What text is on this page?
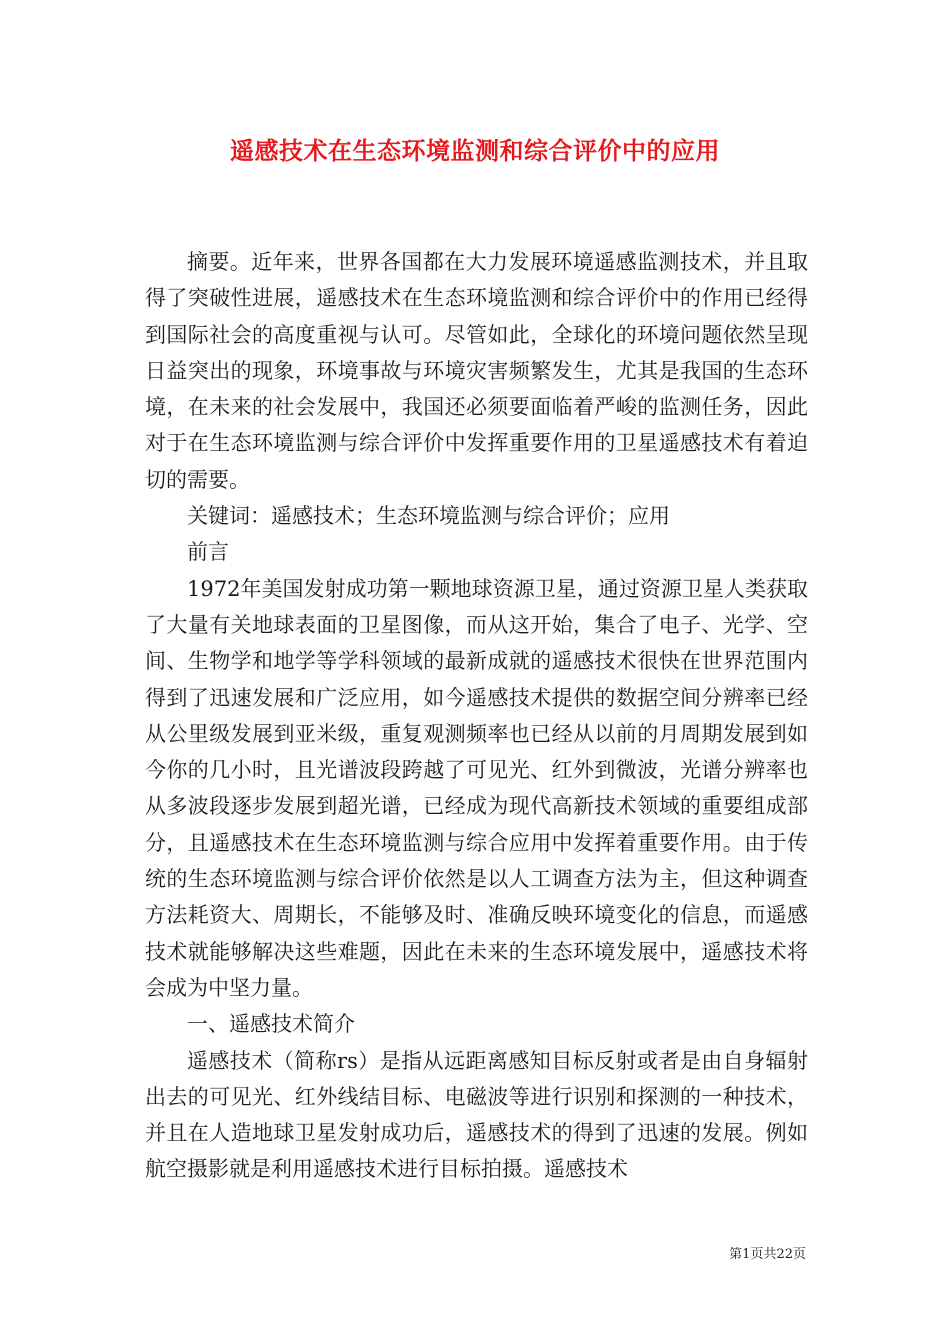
遥感技术在生态环境监测和综合评价中的应用

摘要。近年来，世界各国都在大力发展环境遥感监测技术，并且取得了突破性进展，遥感技术在生态环境监测和综合评价中的作用已经得到国际社会的高度重视与认可。尽管如此，全球化的环境问题依然呈现日益突出的现象，环境事故与环境灾害频繁发生，尤其是我国的生态环境，在未来的社会发展中，我国还必须要面临着严峻的监测任务，因此对于在生态环境监测与综合评价中发挥重要作用的卫星遥感技术有着迫切的需要。

关键词：遥感技术；生态环境监测与综合评价；应用

前言

1972年美国发射成功第一颗地球资源卫星，通过资源卫星人类获取了大量有关地球表面的卫星图像，而从这开始，集合了电子、光学、空间、生物学和地学等学科领域的最新成就的遥感技术很快在世界范围内得到了迅速发展和广泛应用，如今遥感技术提供的数据空间分辨率已经从公里级发展到亚米级，重复观测频率也已经从以前的月周期发展到如今你的几小时，且光谱波段跨越了可见光、红外到微波，光谱分辨率也从多波段逐步发展到超光谱，已经成为现代高新技术领域的重要组成部分，且遥感技术在生态环境监测与综合应用中发挥着重要作用。由于传统的生态环境监测与综合评价依然是以人工调查方法为主，但这种调查方法耗资大、周期长，不能够及时、准确反映环境变化的信息，而遥感技术就能够解决这些难题，因此在未来的生态环境发展中，遥感技术将会成为中坚力量。

一、遥感技术简介

遥感技术（简称rs）是指从远距离感知目标反射或者是由自身辐射出去的可见光、红外线结目标、电磁波等进行识别和探测的一种技术，并且在人造地球卫星发射成功后，遥感技术的得到了迅速的发展。例如航空摄影就是利用遥感技术进行目标拍摄。遥感技术

第1页共22页
